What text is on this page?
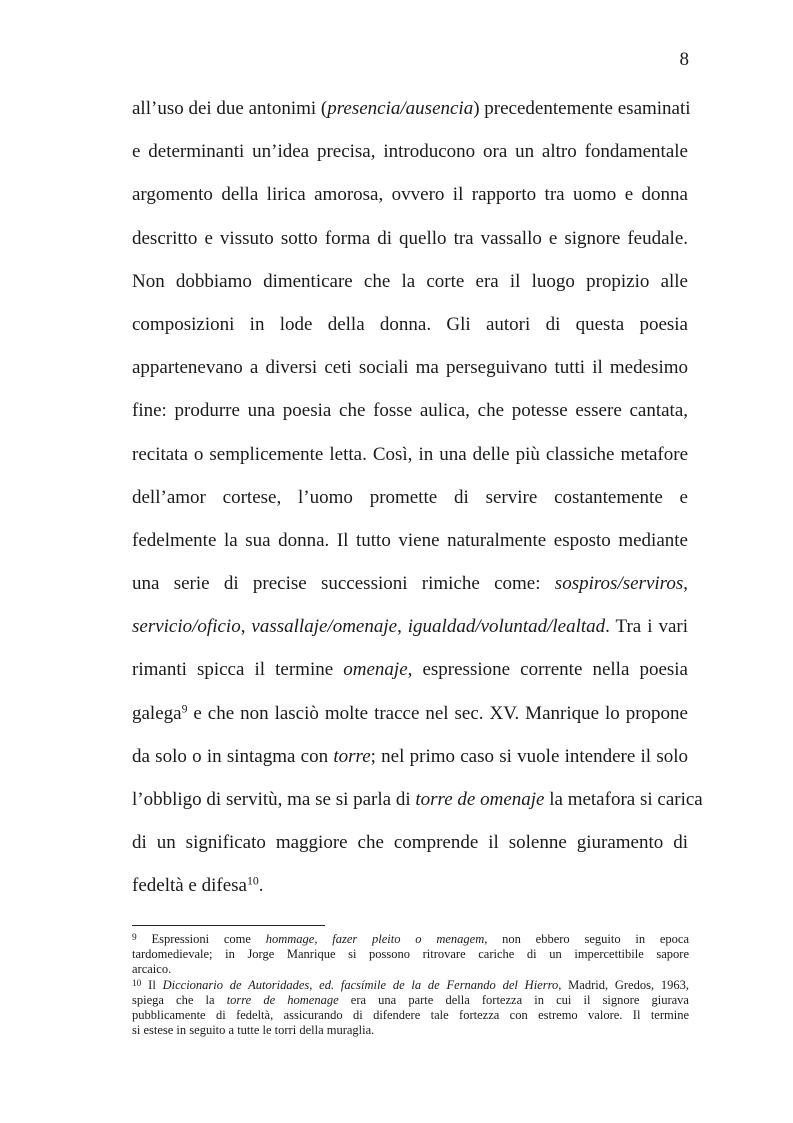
8
all’uso dei due antonimi (presencia/ausencia) precedentemente esaminati
e determinanti un’idea precisa, introducono ora un altro fondamentale
argomento della lirica amorosa, ovvero il rapporto tra uomo e donna
descritto e vissuto sotto forma di quello tra vassallo e signore feudale.
Non dobbiamo dimenticare che la corte era il luogo propizio alle
composizioni in lode della donna. Gli autori di questa poesia
appartenevano a diversi ceti sociali ma perseguivano tutti il medesimo
fine: produrre una poesia che fosse aulica, che potesse essere cantata,
recitata o semplicemente letta. Così, in una delle più classiche metafore
dell’amor cortese, l’uomo promette di servire costantemente e
fedelmente la sua donna. Il tutto viene naturalmente esposto mediante
una serie di precise successioni rimiche come: sospiros/serviros,
servicio/oficio, vassallaje/omenaje, igualdad/voluntad/lealtad. Tra i vari
rimanti spicca il termine omenaje, espressione corrente nella poesia
galega$^9$ e che non lasciò molte tracce nel sec. XV. Manrique lo propone
da solo o in sintagma con torre; nel primo caso si vuole intendere il solo
l’obbligo di servitù, ma se si parla di torre de omenaje la metafora si carica
di un significato maggiore che comprende il solenne giuramento di
fedeltà e difesa$^{10}$.
$^9$ Espressioni come hommage, fazer pleito o menagem, non ebbero seguito in epoca
tardomedievale; in Jorge Manrique si possono ritrovare cariche di un impercettibile sapore
arcaico.
$^{10}$ Il Diccionario de Autoridades, ed. facsímile de la de Fernando del Hierro, Madrid, Gredos, 1963,
spiega che la torre de homenage era una parte della fortezza in cui il signore giurava
pubblicamente di fedeltà, assicurando di difendere tale fortezza con estremo valore. Il termine
si estese in seguito a tutte le torri della muraglia.
